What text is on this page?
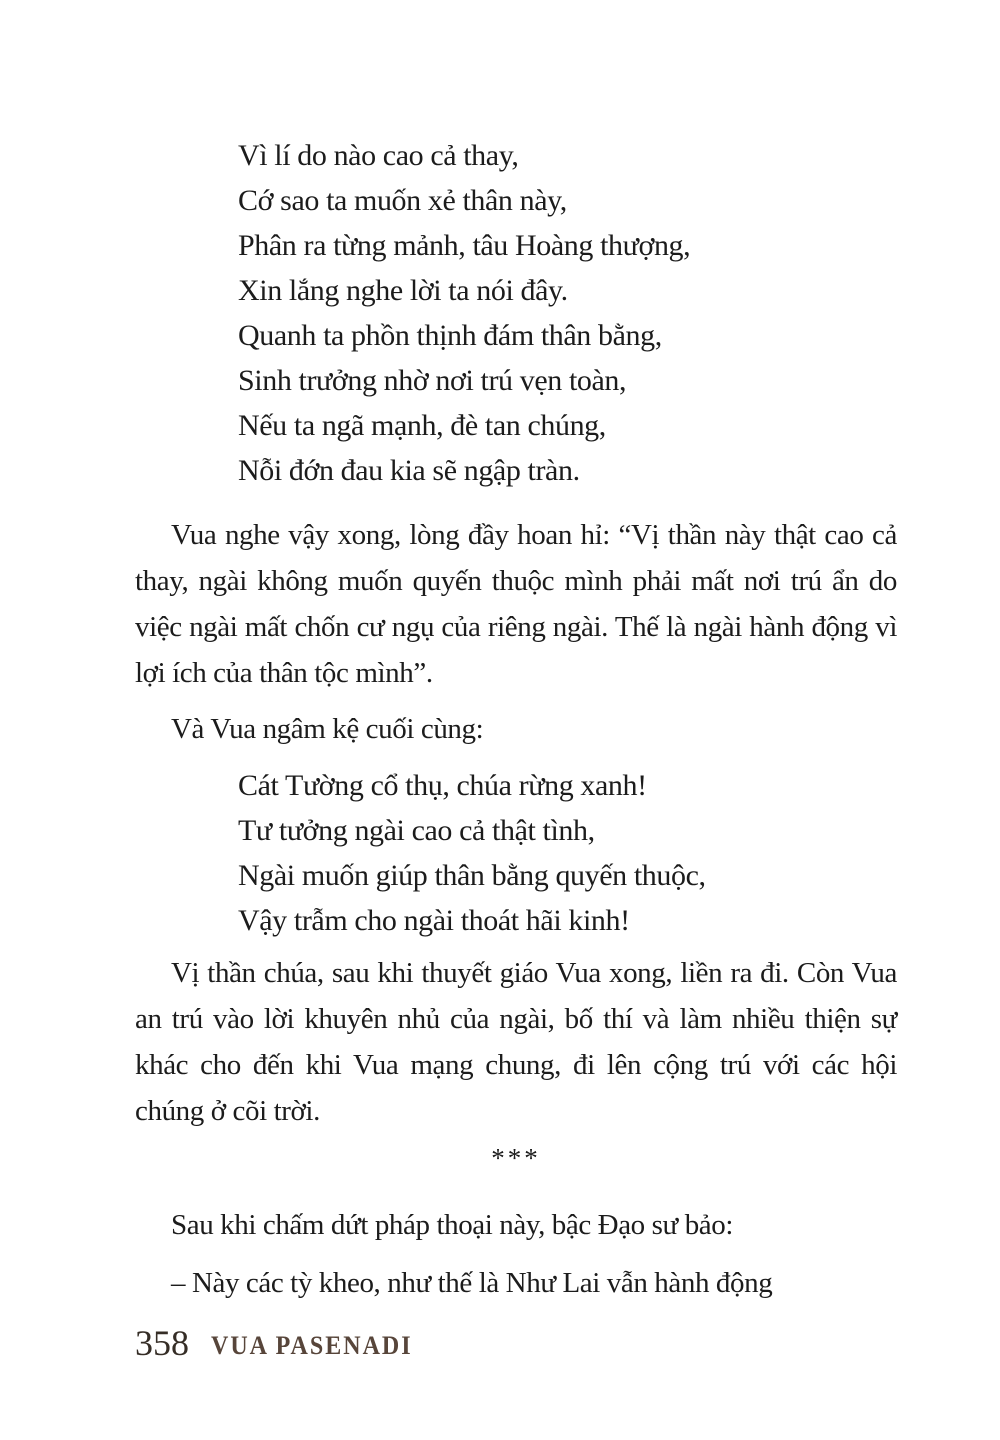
Vì lí do nào cao cả thay,
Cớ sao ta muốn xẻ thân này,
Phân ra từng mảnh, tâu Hoàng thượng,
Xin lắng nghe lời ta nói đây.
Quanh ta phồn thịnh đám thân bằng,
Sinh trưởng nhờ nơi trú vẹn toàn,
Nếu ta ngã mạnh, đè tan chúng,
Nỗi đớn đau kia sẽ ngập tràn.

Vua nghe vậy xong, lòng đầy hoan hỉ: “Vị thần này thật cao cả thay, ngài không muốn quyến thuộc mình phải mất nơi trú ẩn do việc ngài mất chốn cư ngụ của riêng ngài. Thế là ngài hành động vì lợi ích của thân tộc mình”.

Và Vua ngâm kệ cuối cùng:

Cát Tường cổ thụ, chúa rừng xanh!
Tư tưởng ngài cao cả thật tình,
Ngài muốn giúp thân bằng quyến thuộc,
Vậy trẫm cho ngài thoát hãi kinh!

Vị thần chúa, sau khi thuyết giáo Vua xong, liền ra đi. Còn Vua an trú vào lời khuyên nhủ của ngài, bố thí và làm nhiều thiện sự khác cho đến khi Vua mạng chung, đi lên cộng trú với các hội chúng ở cõi trời.

***

Sau khi chấm dứt pháp thoại này, bậc Đạo sư bảo:

– Này các tỳ kheo, như thế là Như Lai vẫn hành động

358 VUA PASENADI
